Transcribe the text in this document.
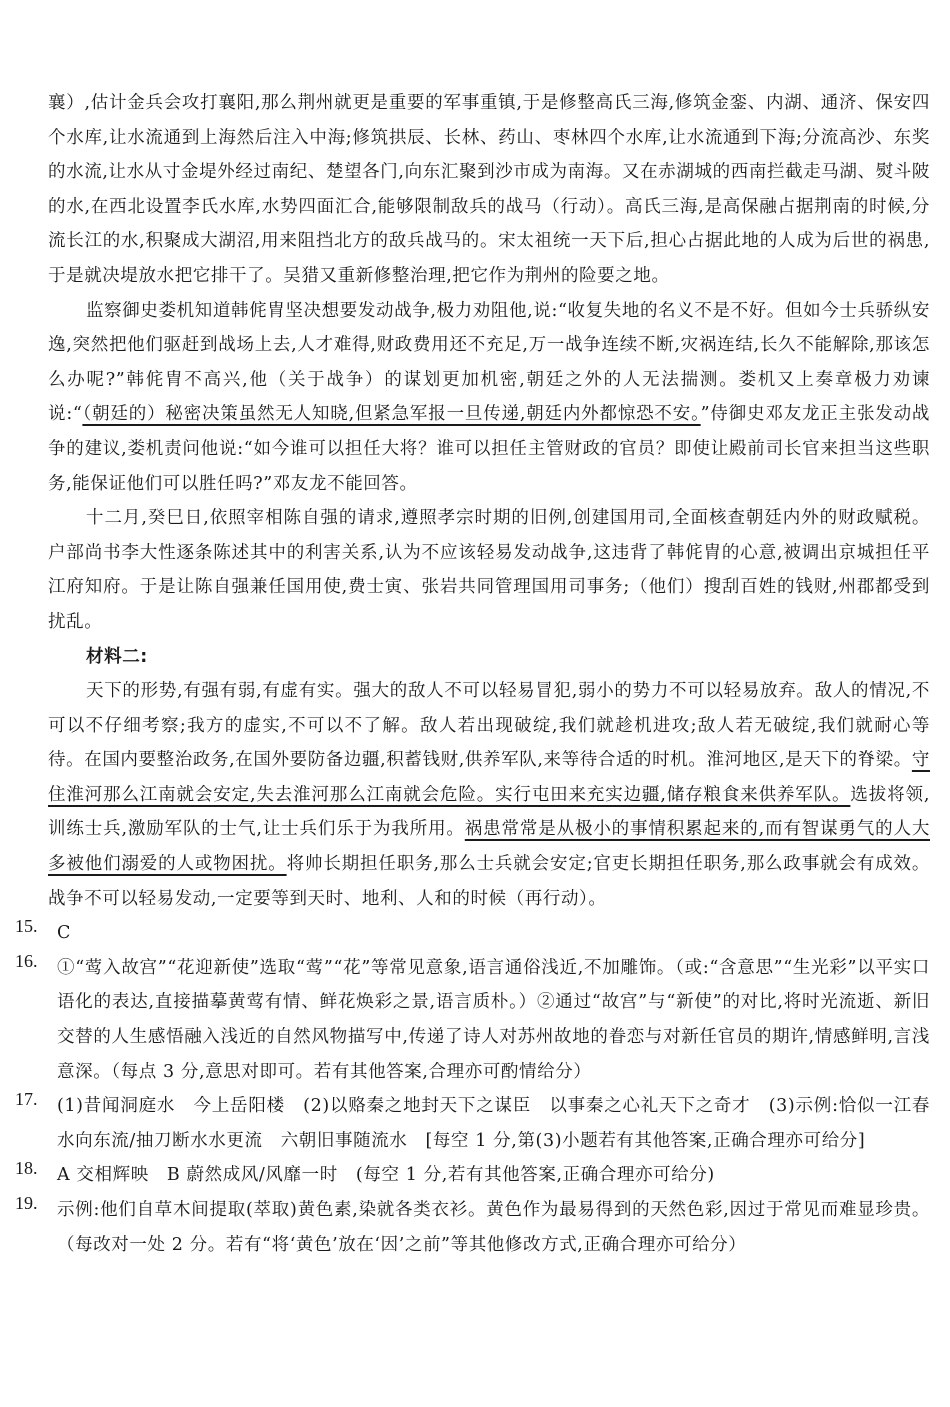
襄）,估计金兵会攻打襄阳,那么荆州就更是重要的军事重镇,于是修整高氏三海,修筑金銮、内湖、通济、保安四个水库,让水流通到上海然后注入中海;修筑拱辰、长林、药山、枣林四个水库,让水流通到下海;分流高沙、东奖的水流,让水从寸金堤外经过南纪、楚望各门,向东汇聚到沙市成为南海。又在赤湖城的西南拦截走马湖、熨斗陂的水,在西北设置李氏水库,水势四面汇合,能够限制敌兵的战马（行动）。高氏三海,是高保融占据荆南的时候,分流长江的水,积聚成大湖沼,用来阻挡北方的敌兵战马的。宋太祖统一天下后,担心占据此地的人成为后世的祸患,于是就决堤放水把它排干了。吴猎又重新修整治理,把它作为荆州的险要之地。

监察御史娄机知道韩侂胄坚决想要发动战争,极力劝阻他,说:“收复失地的名义不是不好。但如今士兵骄纵安逸,突然把他们驱赶到战场上去,人才难得,财政费用还不充足,万一战争连续不断,灾祸连结,长久不能解除,那该怎么办呢?”韩侂胄不高兴,他（关于战争）的谋划更加机密,朝廷之外的人无法揣测。娄机又上奏章极力劝谏说:“（朝廷的）秘密决策虽然无人知晓,但紧急军报一旦传递,朝廷内外都惊恐不安。”侍御史邓友龙正主张发动战争的建议,娄机责问他说:“如今谁可以担任大将？谁可以担任主管财政的官员？即使让殿前司长官来担当这些职务,能保证他们可以胜任吗?”邓友龙不能回答。

十二月,癸巳日,依照宰相陈自强的请求,遵照孝宗时期的旧例,创建国用司,全面核查朝廷内外的财政赋税。户部尚书李大性逐条陈述其中的利害关系,认为不应该轻易发动战争,这违背了韩侂胄的心意,被调出京城担任平江府知府。于是让陈自强兼任国用使,费士寅、张岩共同管理国用司事务;（他们）搜刮百姓的钱财,州郡都受到扰乱。

材料二:

天下的形势,有强有弱,有虚有实。强大的敌人不可以轻易冒犯,弱小的势力不可以轻易放弃。敌人的情况,不可以不仔细考察;我方的虚实,不可以不了解。敌人若出现破绽,我们就趁机进攻;敌人若无破绽,我们就耐心等待。在国内要整治政务,在国外要防备边疆,积蓄钱财,供养军队,来等待合适的时机。淮河地区,是天下的脊梁。守住淮河那么江南就会安定,失去淮河那么江南就会危险。实行屯田来充实边疆,储存粮食来供养军队。选拔将领,训练士兵,激励军队的士气,让士兵们乐于为我所用。祸患常常是从极小的事情积累起来的,而有智谋勇气的人大多被他们溺爱的人或物困扰。将帅长期担任职务,那么士兵就会安定;官吏长期担任职务,那么政事就会有成效。战争不可以轻易发动,一定要等到天时、地利、人和的时候（再行动）。

15.	C

16.	①“莺入故宫”“花迎新使”选取“莺”“花”等常见意象,语言通俗浅近,不加雕饰。（或:“含意思”“生光彩”以平实口语化的表达,直接描摹黄莺有情、鲜花焕彩之景,语言质朴。）②通过“故宫”与“新使”的对比,将时光流逝、新旧交替的人生感悟融入浅近的自然风物描写中,传递了诗人对苏州故地的眷恋与对新任官员的期许,情感鲜明,言浅意深。（每点 3 分,意思对即可。若有其他答案,合理亦可酌情给分）

17.	(1)昔闻洞庭水　今上岳阳楼　(2)以赂秦之地封天下之谋臣　以事秦之心礼天下之奇才　(3)示例:恰似一江春水向东流/抽刀断水水更流　六朝旧事随流水　[每空 1 分,第(3)小题若有其他答案,正确合理亦可给分]

18.	A 交相辉映　B 蔚然成风/风靡一时　(每空 1 分,若有其他答案,正确合理亦可给分)

19.	示例:他们自草木间提取(萃取)黄色素,染就各类衣衫。黄色作为最易得到的天然色彩,因过于常见而难显珍贵。（每改对一处 2 分。若有“将‘黄色’放在‘因’之前”等其他修改方式,正确合理亦可给分）
